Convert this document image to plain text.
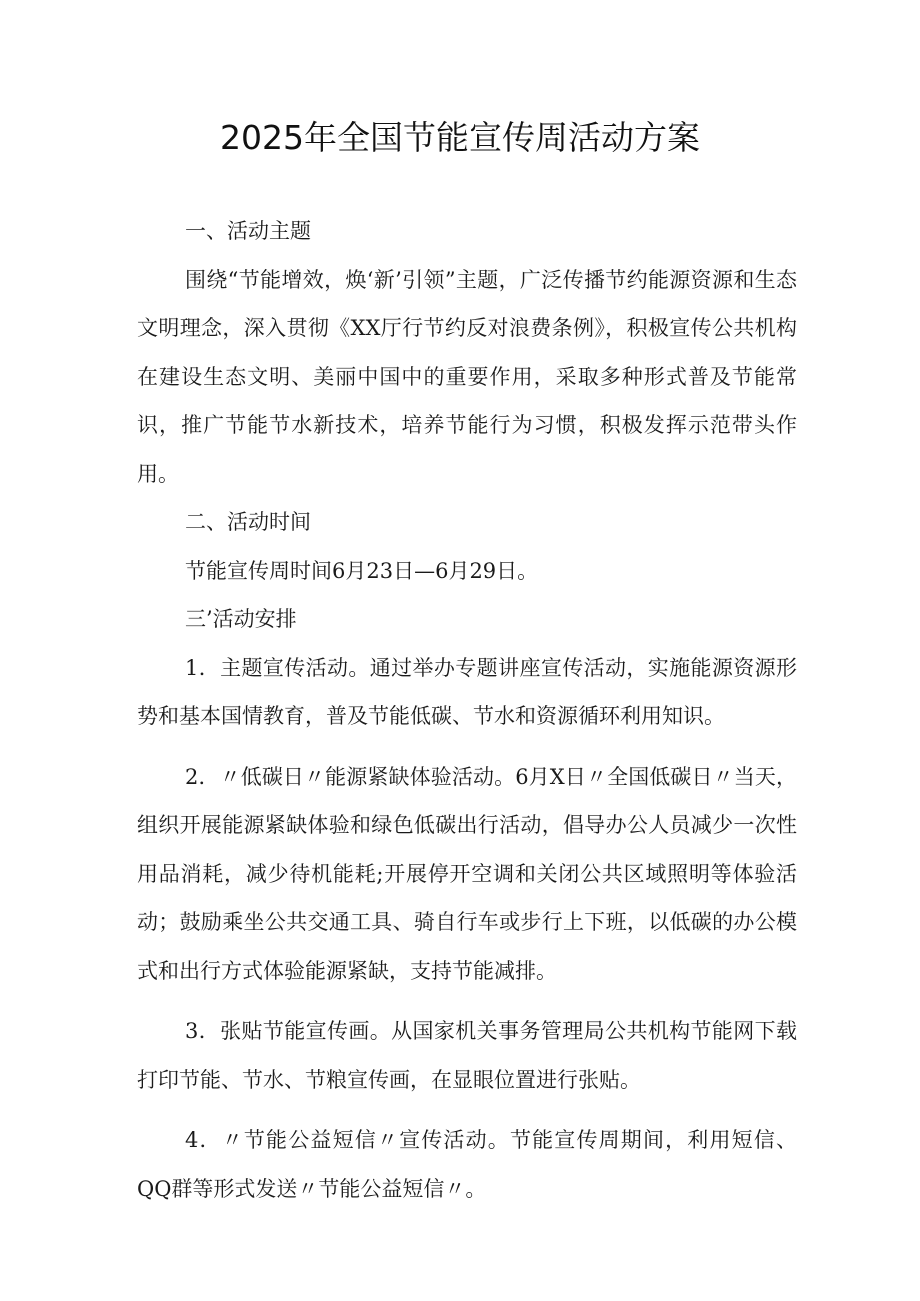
2025年全国节能宣传周活动方案

一、活动主题

围绕“节能增效，焕‘新’引领”主题，广泛传播节约能源资源和生态文明理念，深入贯彻《XX厅行节约反对浪费条例》，积极宣传公共机构在建设生态文明、美丽中国中的重要作用，采取多种形式普及节能常识，推广节能节水新技术，培养节能行为习惯，积极发挥示范带头作用。

二、活动时间

节能宣传周时间6月23日—6月29日。

三’活动安排

1．主题宣传活动。通过举办专题讲座宣传活动，实施能源资源形势和基本国情教育，普及节能低碳、节水和资源循环利用知识。

2．〃低碳日〃能源紧缺体验活动。6月X日〃全国低碳日〃当天，组织开展能源紧缺体验和绿色低碳出行活动，倡导办公人员减少一次性用品消耗，减少待机能耗;开展停开空调和关闭公共区域照明等体验活动；鼓励乘坐公共交通工具、骑自行车或步行上下班，以低碳的办公模式和出行方式体验能源紧缺，支持节能减排。

3．张贴节能宣传画。从国家机关事务管理局公共机构节能网下载打印节能、节水、节粮宣传画，在显眼位置进行张贴。

4．〃节能公益短信〃宣传活动。节能宣传周期间，利用短信、QQ群等形式发送〃节能公益短信〃。
